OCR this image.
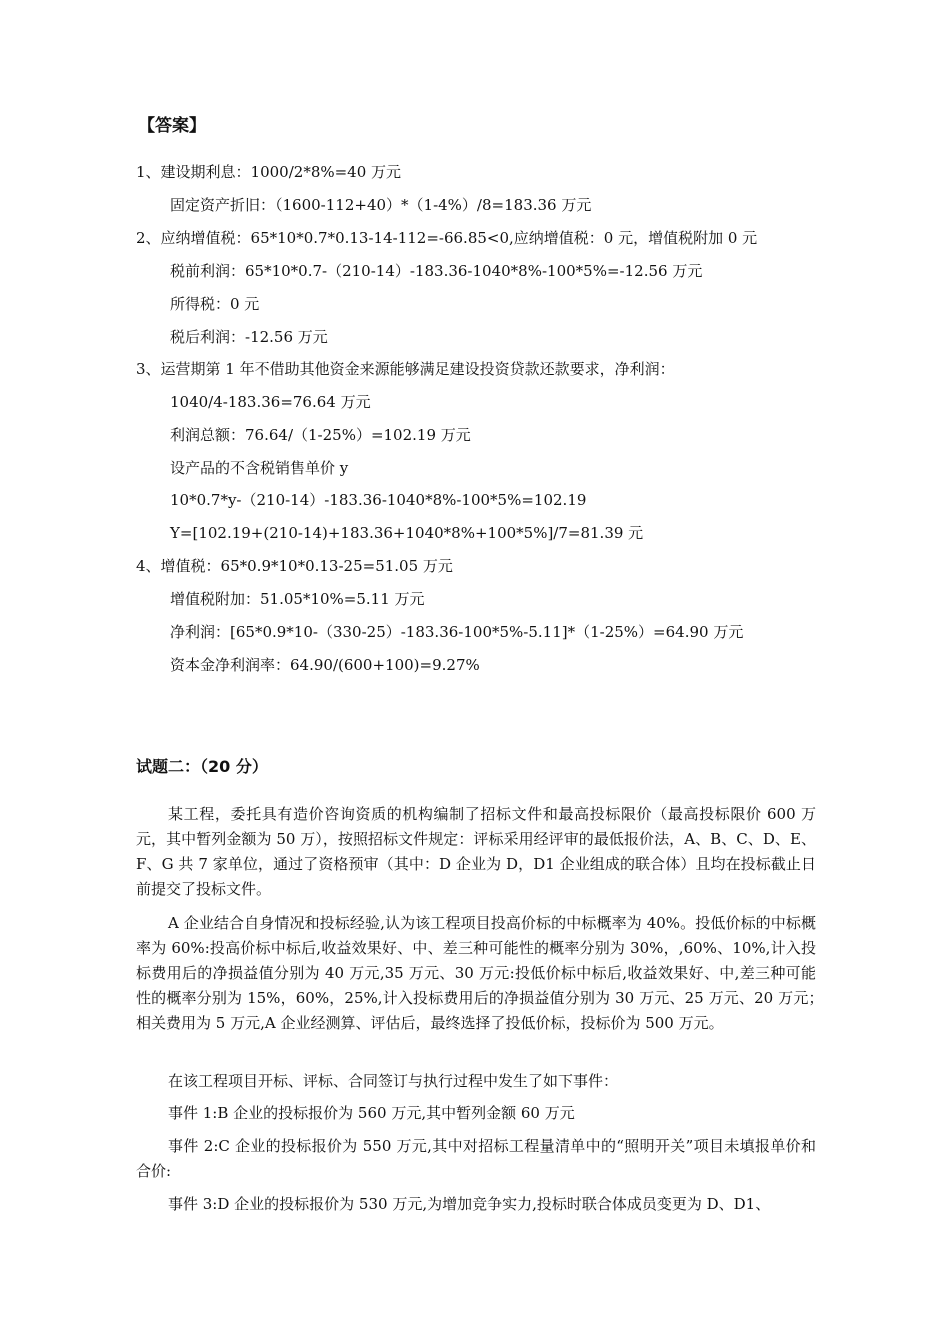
【答案】
1、建设期利息：1000/2*8%=40 万元
固定资产折旧：（1600-112+40）*（1-4%）/8=183.36 万元
2、应纳增值税：65*10*0.7*0.13-14-112=-66.85<0,应纳增值税：0 元，增值税附加 0 元
税前利润：65*10*0.7-（210-14）-183.36-1040*8%-100*5%=-12.56 万元
所得税：0 元
税后利润：-12.56 万元
3、运营期第 1 年不借助其他资金来源能够满足建设投资贷款还款要求，净利润：
1040/4-183.36=76.64 万元
利润总额：76.64/（1-25%）=102.19 万元
设产品的不含税销售单价 y
10*0.7*y-（210-14）-183.36-1040*8%-100*5%=102.19
Y=[102.19+(210-14)+183.36+1040*8%+100*5%]/7=81.39 元
4、增值税：65*0.9*10*0.13-25=51.05 万元
增值税附加：51.05*10%=5.11 万元
净利润：[65*0.9*10-（330-25）-183.36-100*5%-5.11]*（1-25%）=64.90 万元
资本金净利润率：64.90/(600+100)=9.27%
试题二：（20 分）
某工程，委托具有造价咨询资质的机构编制了招标文件和最高投标限价（最高投标限价 600 万元，其中暂列金额为 50 万），按照招标文件规定：评标采用经评审的最低报价法，A、B、C、D、E、F、G 共 7 家单位，通过了资格预审（其中：D 企业为 D，D1 企业组成的联合体）且均在投标截止日前提交了投标文件。
A 企业结合自身情况和投标经验,认为该工程项目投高价标的中标概率为 40%。投低价标的中标概率为 60%:投高价标中标后,收益效果好、中、差三种可能性的概率分别为 30%，,60%、10%,计入投标费用后的净损益值分别为 40 万元,35 万元、30 万元:投低价标中标后,收益效果好、中,差三种可能性的概率分别为 15%，60%，25%,计入投标费用后的净损益值分别为 30 万元、25 万元、20 万元；　相关费用为 5 万元,A 企业经测算、评估后，最终选择了投低价标，投标价为 500 万元。
在该工程项目开标、评标、合同签订与执行过程中发生了如下事件：
事件 1:B 企业的投标报价为 560 万元,其中暂列金额 60 万元
事件 2:C 企业的投标报价为 550 万元,其中对招标工程量清单中的“照明开关”项目未填报单价和合价:
事件 3:D 企业的投标报价为 530 万元,为增加竞争实力,投标时联合体成员变更为 D、D1、
